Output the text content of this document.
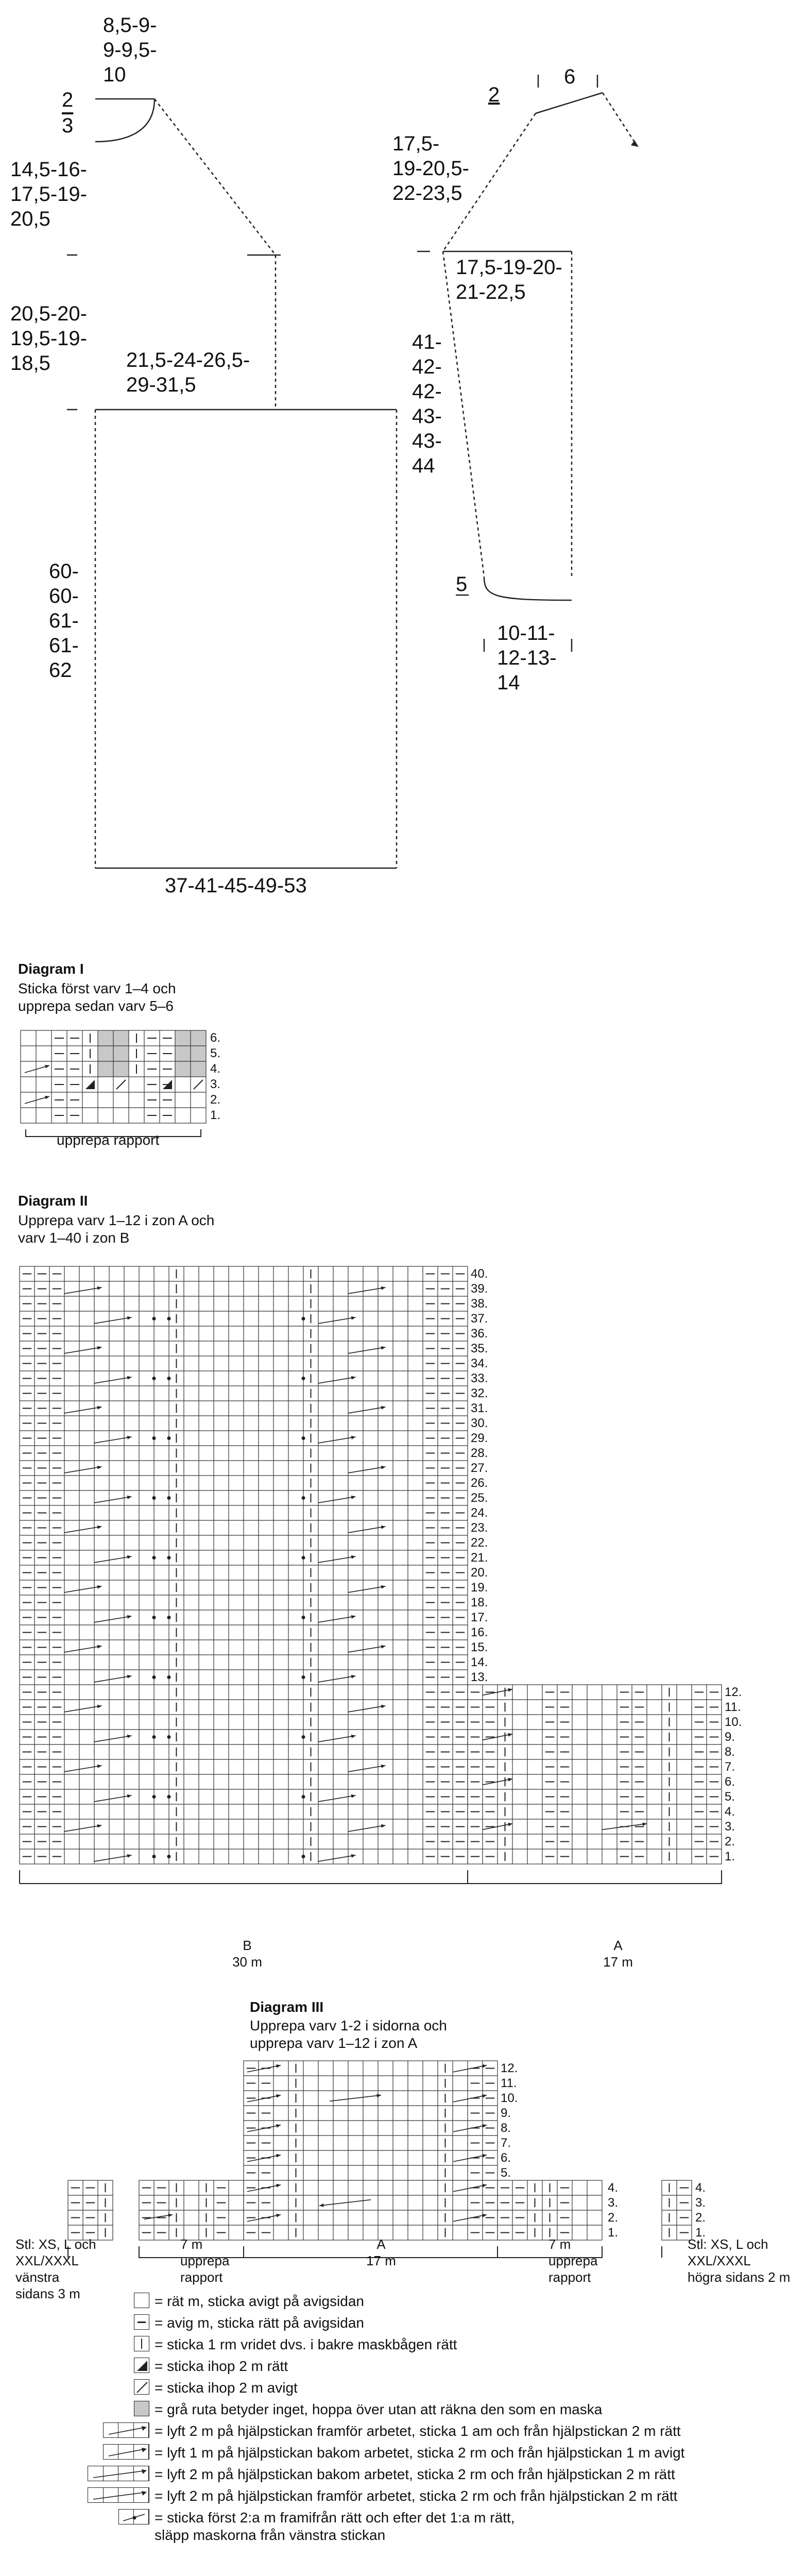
8,5-9-
9-9,5-
10
2
3
14,5-16-
17,5-19-
20,5
20,5-20-
19,5-19-
18,5	21,5-24-26,5-
29-31,5
60-
60-
61-
61-
62
37-41-45-49-53
2
6
17,5-
19-20,5-
22-23,5
17,5-19-20-
21-22,5
41-
42-
42-
43-
43-
44
5
10-11-
12-13-
14
Diagram I
Sticka först varv 1–4 och
upprepa sedan varv 5–6
6.
5.
4.
3.
2.
1.
upprepa rapport
Diagram II
Upprepa varv 1–12 i zon A och
varv 1–40 i zon B
40.
39.
38.
37.
36.
35.
34.
33.
32.
31.
30.
29.
28.
27.
26.
25.
24.
23.
22.
21.
20.
19.
18.
17.
16.
15.
14.
13.
12.
11.
10.
9.
8.
7.
6.
5.
4.
3.
2.
1.
B
30 m
A
17 m
Diagram III
Upprepa varv 1-2 i sidorna och
upprepa varv 1–12 i zon A
12.
11.
10.
9.
8.
7.
6.
5.
4.
3.
2.
1.
4.
3.
2.
1.
Stl: XS, L och
XXL/XXXL
vänstra
sidans 3 m
7 m
upprepa
rapport
A
17 m
7 m
upprepa
rapport
Stl: XS, L och
XXL/XXXL
högra sidans 2 m
= rät m, sticka avigt på avigsidan
= avig m, sticka rätt på avigsidan
= sticka 1 rm vridet dvs. i bakre maskbågen rätt
= sticka ihop 2 m rätt
= sticka ihop 2 m avigt
= grå ruta betyder inget, hoppa över utan att räkna den som en maska
= lyft 2 m på hjälpstickan framför arbetet, sticka 1 am och från hjälpstickan 2 m rätt
= lyft 1 m på hjälpstickan bakom arbetet, sticka 2 rm och från hjälpstickan 1 m avigt
= lyft 2 m på hjälpstickan bakom arbetet, sticka 2 rm och från hjälpstickan 2 m rätt
= lyft 2 m på hjälpstickan framför arbetet, sticka 2 rm och från hjälpstickan 2 m rätt
= sticka först 2:a m framifrån rätt och efter det 1:a m rätt,
släpp maskorna från vänstra stickan
